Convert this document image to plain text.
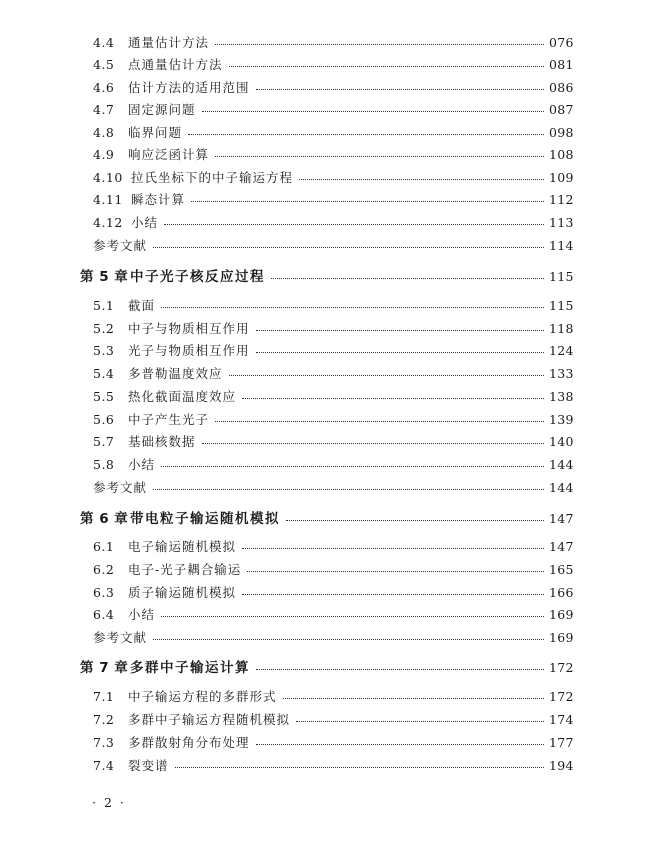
4.4	通量估计方法	076
4.5	点通量估计方法	081
4.6	估计方法的适用范围	086
4.7	固定源问题	087
4.8	临界问题	098
4.9	响应泛函计算	108
4.10 拉氏坐标下的中子输运方程	109
4.11 瞬态计算	112
4.12 小结	113
参考文献	114
第 5 章 中子光子核反应过程	115
5.1	截面	115
5.2	中子与物质相互作用	118
5.3	光子与物质相互作用	124
5.4	多普勒温度效应	133
5.5	热化截面温度效应	138
5.6	中子产生光子	139
5.7	基础核数据	140
5.8	小结	144
参考文献	144
第 6 章 带电粒子输运随机模拟	147
6.1	电子输运随机模拟	147
6.2	电子-光子耦合输运	165
6.3	质子输运随机模拟	166
6.4	小结	169
参考文献	169
第 7 章 多群中子输运计算	172
7.1	中子输运方程的多群形式	172
7.2	多群中子输运方程随机模拟	174
7.3	多群散射角分布处理	177
7.4	裂变谱	194
· 2 ·
